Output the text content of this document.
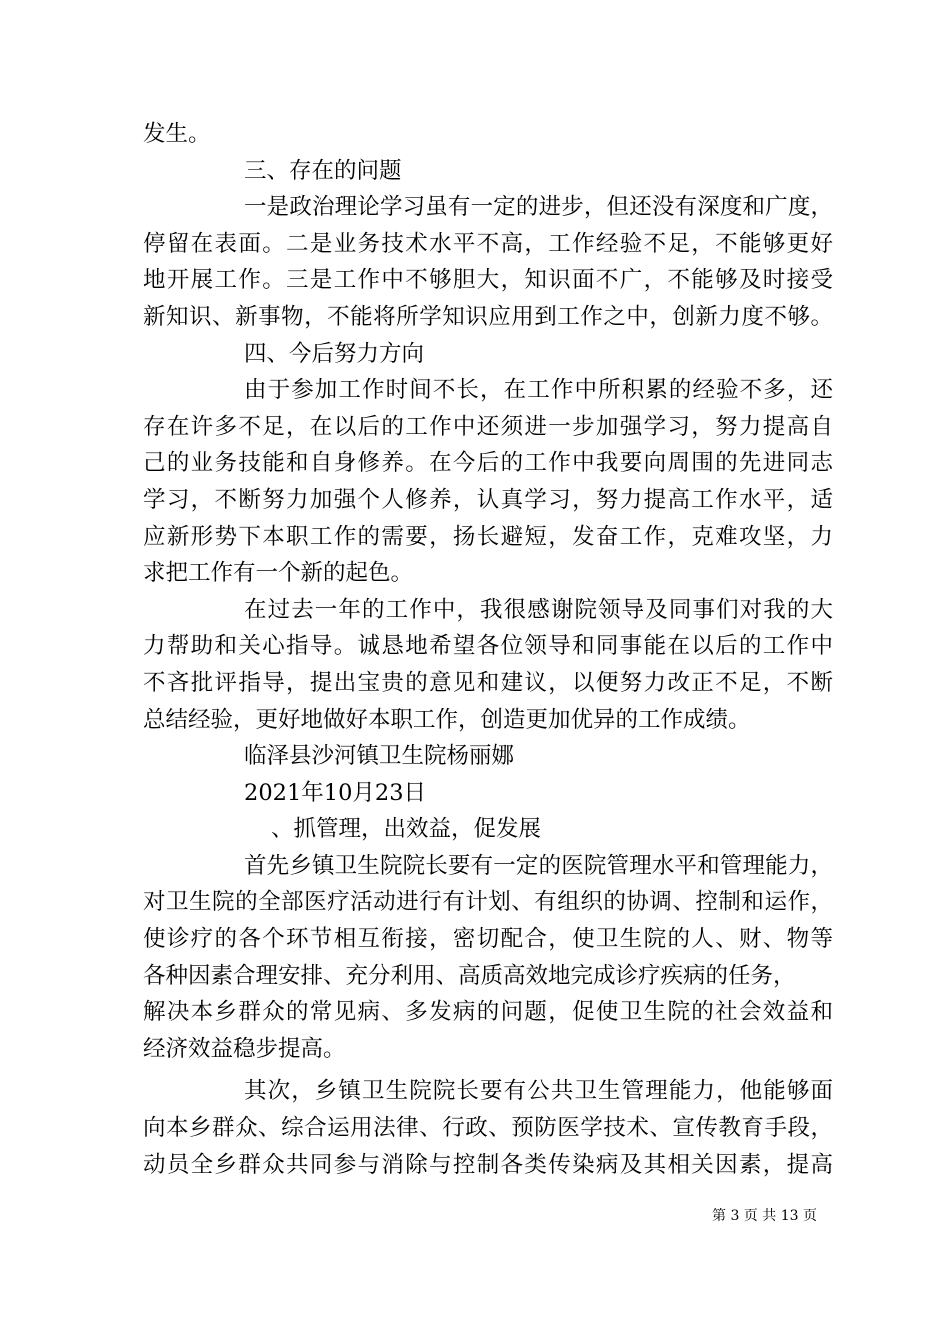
发生。
三、存在的问题
一是政治理论学习虽有一定的进步，但还没有深度和广度，
停留在表面。二是业务技术水平不高，工作经验不足，不能够更好
地开展工作。三是工作中不够胆大，知识面不广，不能够及时接受
新知识、新事物，不能将所学知识应用到工作之中，创新力度不够。
四、今后努力方向
由于参加工作时间不长，在工作中所积累的经验不多，还
存在许多不足，在以后的工作中还须进一步加强学习，努力提高自
己的业务技能和自身修养。在今后的工作中我要向周围的先进同志
学习，不断努力加强个人修养，认真学习，努力提高工作水平，适
应新形势下本职工作的需要，扬长避短，发奋工作，克难攻坚，力
求把工作有一个新的起色。
在过去一年的工作中，我很感谢院领导及同事们对我的大
力帮助和关心指导。诚恳地希望各位领导和同事能在以后的工作中
不吝批评指导，提出宝贵的意见和建议，以便努力改正不足，不断
总结经验，更好地做好本职工作，创造更加优异的工作成绩。
临泽县沙河镇卫生院杨丽娜
2021年10月23日
、抓管理，出效益，促发展
首先乡镇卫生院院长要有一定的医院管理水平和管理能力，
对卫生院的全部医疗活动进行有计划、有组织的协调、控制和运作，
使诊疗的各个环节相互衔接，密切配合，使卫生院的人、财、物等
各种因素合理安排、充分利用、高质高效地完成诊疗疾病的任务，
解决本乡群众的常见病、多发病的问题，促使卫生院的社会效益和
经济效益稳步提高。
其次，乡镇卫生院院长要有公共卫生管理能力，他能够面
向本乡群众、综合运用法律、行政、预防医学技术、宣传教育手段，
动员全乡群众共同参与消除与控制各类传染病及其相关因素，提高
第 3 页 共 13 页
